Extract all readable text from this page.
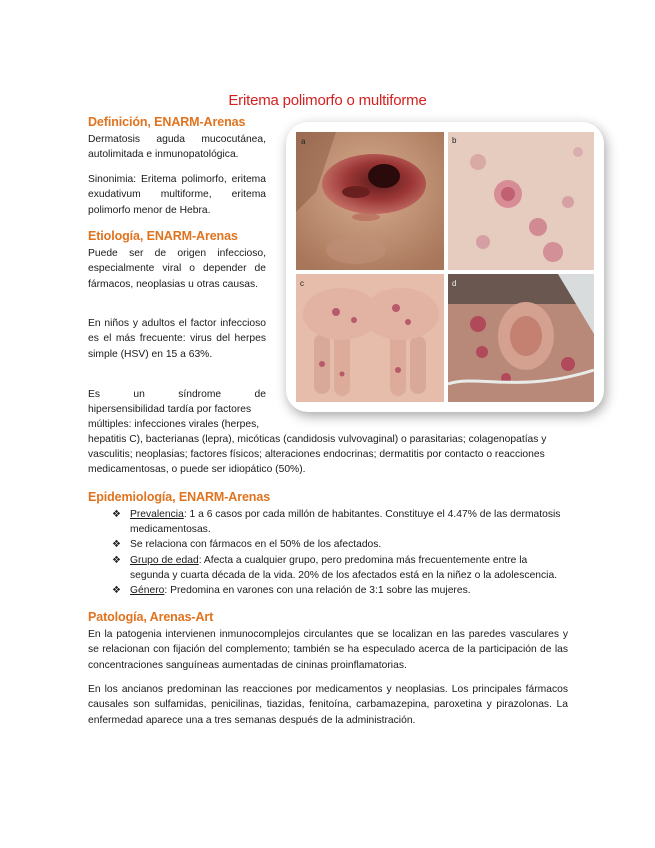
Eritema polimorfo o multiforme
Definición, ENARM-Arenas

Dermatosis aguda mucocutánea, autolimitada e inmunopatológica.

Sinonimia: Eritema polimorfo, eritema exudativum multiforme, eritema polimorfo menor de Hebra.

Etiología, ENARM-Arenas

Puede ser de origen infeccioso, especialmente viral o depender de fármacos, neoplasias u otras causas.

En niños y adultos el factor infeccioso es el más frecuente: virus del herpes simple (HSV) en 15 a 63%.

Es	un	síndrome	de
hipersensibilidad tardía por factores
múltiples: infecciones virales (herpes,
hepatitis C), bacterianas (lepra), micóticas (candidosis vulvovaginal) o parasitarias; colagenopatías y
vasculitis; neoplasias; factores físicos; alteraciones endocrinas; dermatitis por contacto o reacciones
medicamentosas, o puede ser idiopático (50%).
a	b
c	d
Epidemiología, ENARM-Arenas
❖ Prevalencia: 1 a 6 casos por cada millón de habitantes. Constituye el 4.47% de las dermatosis
medicamentosas.
❖ Se relaciona con fármacos en el 50% de los afectados.
❖ Grupo de edad: Afecta a cualquier grupo, pero predomina más frecuentemente entre la
segunda y cuarta década de la vida. 20% de los afectados está en la niñez o la adolescencia.
❖ Género: Predomina en varones con una relación de 3:1 sobre las mujeres.
Patología, Arenas-Art

En la patogenia intervienen inmunocomplejos circulantes que se localizan en las paredes vasculares y se relacionan con fijación del complemento; también se ha especulado acerca de la participación de las concentraciones sanguíneas aumentadas de cininas proinflamatorias.

En los ancianos predominan las reacciones por medicamentos y neoplasias. Los principales fármacos causales son sulfamidas, penicilinas, tiazidas, fenitoína, carbamazepina, paroxetina y pirazolonas. La enfermedad aparece una a tres semanas después de la administración.
